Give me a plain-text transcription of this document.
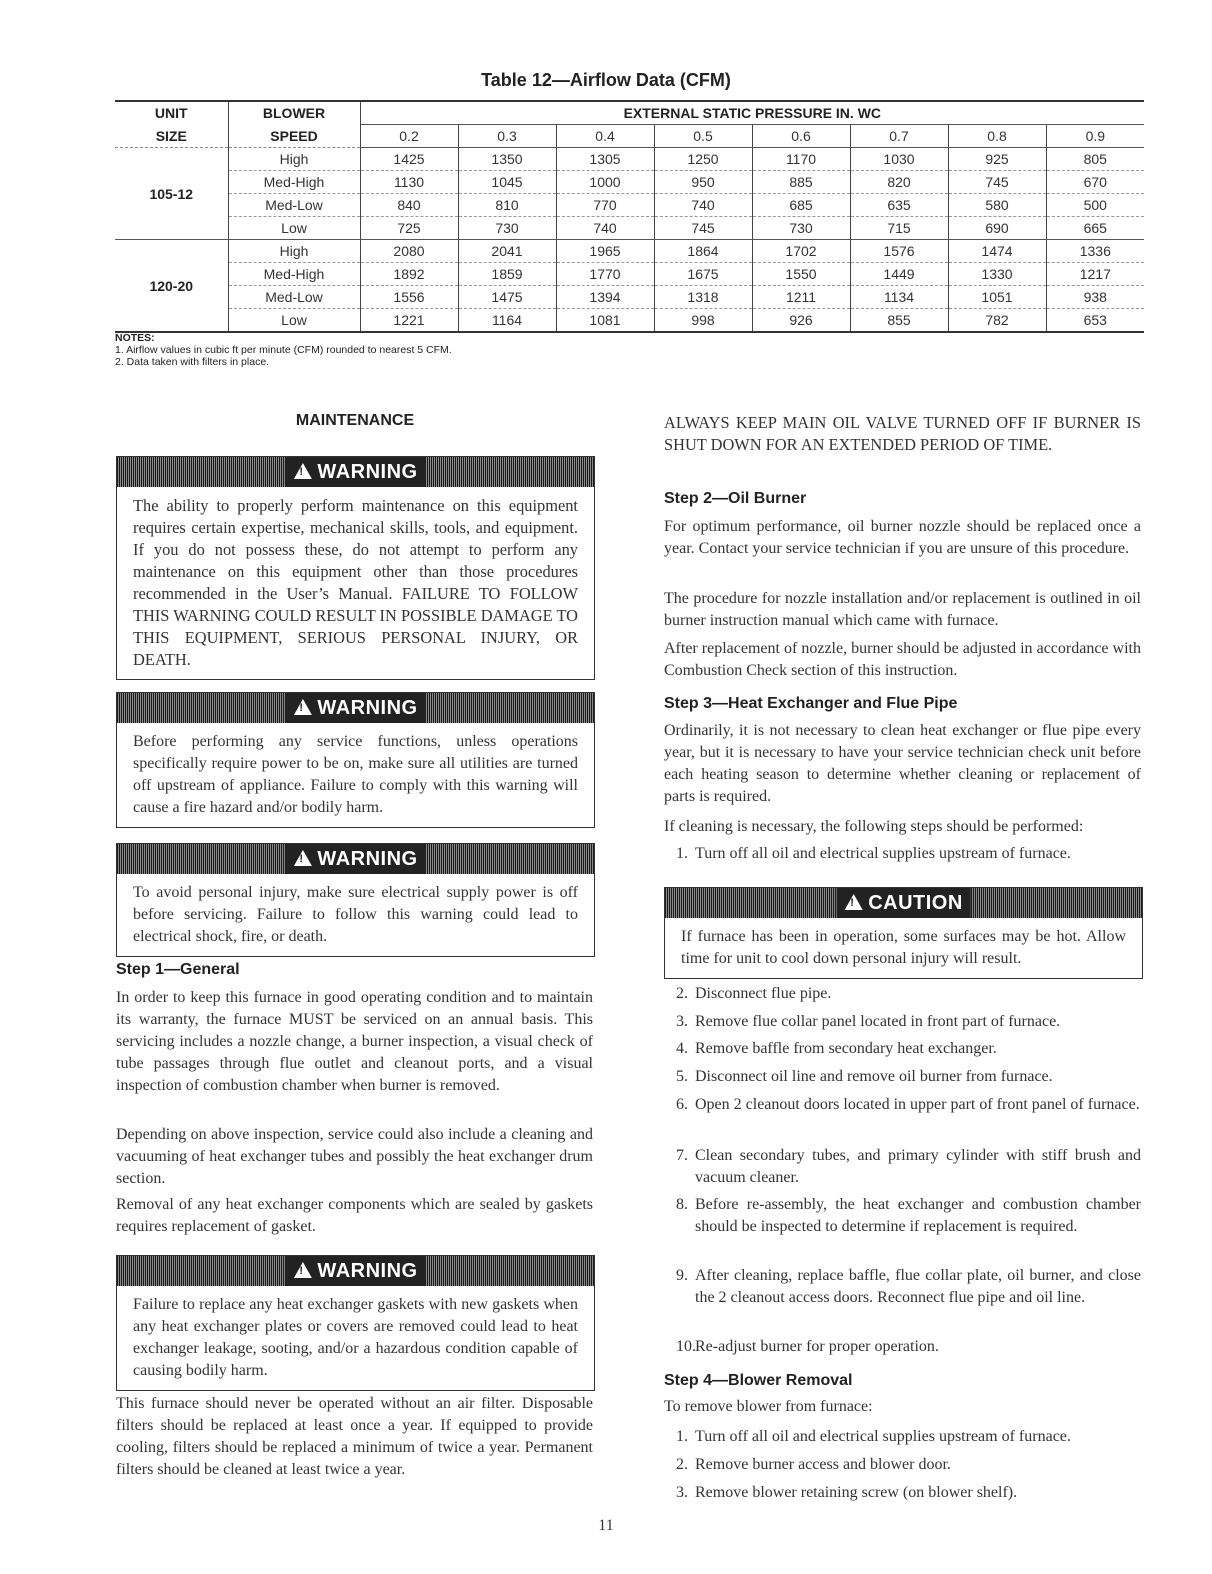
Table 12—Airflow Data (CFM)
UNIT	BLOWER	EXTERNAL STATIC PRESSURE IN. WC							
SIZE	SPEED	0.2	0.3	0.4	0.5	0.6	0.7	0.8	0.9
105-12	High	1425	1350	1305	1250	1170	1030	925	805
	Med-High	1130	1045	1000	950	885	820	745	670
	Med-Low	840	810	770	740	685	635	580	500
	Low	725	730	740	745	730	715	690	665
120-20	High	2080	2041	1965	1864	1702	1576	1474	1336
	Med-High	1892	1859	1770	1675	1550	1449	1330	1217
	Med-Low	1556	1475	1394	1318	1211	1134	1051	938
	Low	1221	1164	1081	998	926	855	782	653
NOTES:
1. Airflow values in cubic ft per minute (CFM) rounded to nearest 5 CFM.
2. Data taken with filters in place.
MAINTENANCE
!WARNING
The ability to properly perform maintenance on this equipment requires certain expertise, mechanical skills, tools, and equipment. If you do not possess these, do not attempt to perform any maintenance on this equipment other than those procedures recommended in the User’s Manual. FAILURE TO FOLLOW THIS WARNING COULD RESULT IN POSSIBLE DAMAGE TO THIS EQUIPMENT, SERIOUS PERSONAL INJURY, OR DEATH.
!WARNING
Before performing any service functions, unless operations specifically require power to be on, make sure all utilities are turned off upstream of appliance. Failure to comply with this warning will cause a fire hazard and/or bodily harm.
!WARNING
To avoid personal injury, make sure electrical supply power is off before servicing. Failure to follow this warning could lead to electrical shock, fire, or death.
Step 1—General
In order to keep this furnace in good operating condition and to maintain its warranty, the furnace MUST be serviced on an annual basis. This servicing includes a nozzle change, a burner inspection, a visual check of tube passages through flue outlet and cleanout ports, and a visual inspection of combustion chamber when burner is removed.
Depending on above inspection, service could also include a cleaning and vacuuming of heat exchanger tubes and possibly the heat exchanger drum section.
Removal of any heat exchanger components which are sealed by gaskets requires replacement of gasket.
!WARNING
Failure to replace any heat exchanger gaskets with new gaskets when any heat exchanger plates or covers are removed could lead to heat exchanger leakage, sooting, and/or a hazardous condition capable of causing bodily harm.
This furnace should never be operated without an air filter. Disposable filters should be replaced at least once a year. If equipped to provide cooling, filters should be replaced a minimum of twice a year. Permanent filters should be cleaned at least twice a year.
ALWAYS KEEP MAIN OIL VALVE TURNED OFF IF BURNER IS SHUT DOWN FOR AN EXTENDED PERIOD OF TIME.
Step 2—Oil Burner
For optimum performance, oil burner nozzle should be replaced once a year. Contact your service technician if you are unsure of this procedure.
The procedure for nozzle installation and/or replacement is outlined in oil burner instruction manual which came with furnace.
After replacement of nozzle, burner should be adjusted in accordance with Combustion Check section of this instruction.
Step 3—Heat Exchanger and Flue Pipe
Ordinarily, it is not necessary to clean heat exchanger or flue pipe every year, but it is necessary to have your service technician check unit before each heating season to determine whether cleaning or replacement of parts is required.
If cleaning is necessary, the following steps should be performed:
1. Turn off all oil and electrical supplies upstream of furnace.
!CAUTION
If furnace has been in operation, some surfaces may be hot. Allow time for unit to cool down personal injury will result.
2. Disconnect flue pipe.
3. Remove flue collar panel located in front part of furnace.
4. Remove baffle from secondary heat exchanger.
5. Disconnect oil line and remove oil burner from furnace.
6. Open 2 cleanout doors located in upper part of front panel of furnace.
7. Clean secondary tubes, and primary cylinder with stiff brush and vacuum cleaner.
8. Before re-assembly, the heat exchanger and combustion chamber should be inspected to determine if replacement is required.
9. After cleaning, replace baffle, flue collar plate, oil burner, and close the 2 cleanout access doors. Reconnect flue pipe and oil line.
10. Re-adjust burner for proper operation.
Step 4—Blower Removal
To remove blower from furnace:
1. Turn off all oil and electrical supplies upstream of furnace.
2. Remove burner access and blower door.
3. Remove blower retaining screw (on blower shelf).
11
